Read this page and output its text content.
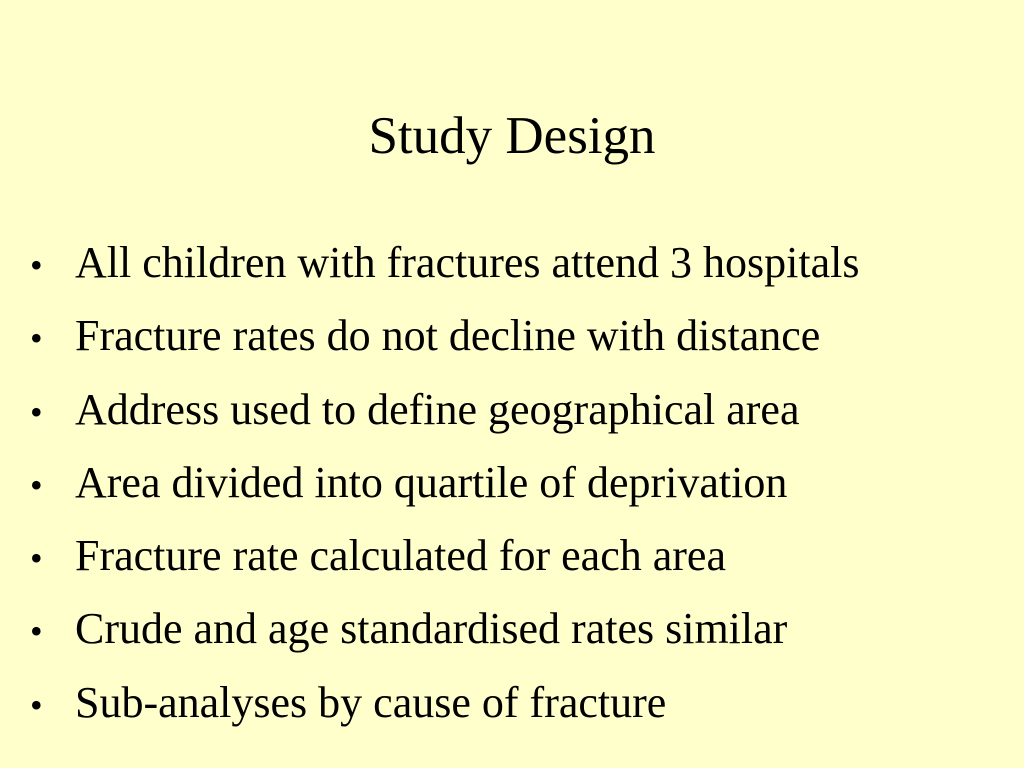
Study Design
• All children with fractures attend 3 hospitals
• Fracture rates do not decline with distance
• Address used to define geographical area
• Area divided into quartile of deprivation
• Fracture rate calculated for each area
• Crude and age standardised rates similar
• Sub-analyses by cause of fracture
